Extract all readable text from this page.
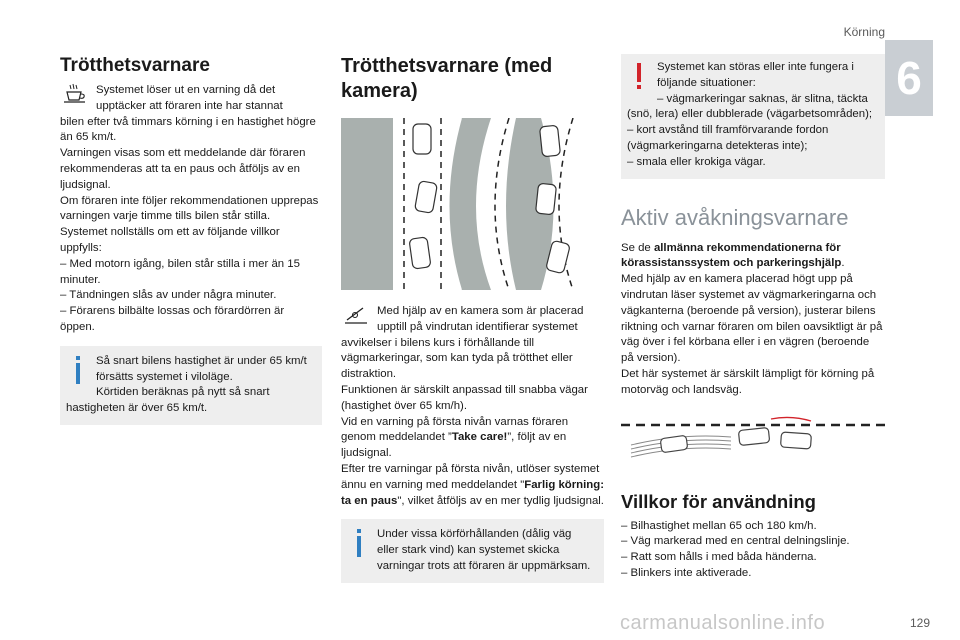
Körning
6
Trötthetsvarnare

Systemet löser ut en varning då det upptäcker att föraren inte har stannat

bilen efter två timmars körning i en hastighet högre än 65 km/t.

Varningen visas som ett meddelande där föraren rekommenderas att ta en paus och åtföljs av en ljudsignal.

Om föraren inte följer rekommendationen upprepas varningen varje timme tills bilen står stilla.

Systemet nollställs om ett av följande villkor uppfylls:

– Med motorn igång, bilen står stilla i mer än 15 minuter.

– Tändningen slås av under några minuter.

– Förarens bilbälte lossas och förardörren är öppen.

Så snart bilens hastighet är under 65 km/t försätts systemet i viloläge.

Körtiden beräknas på nytt så snart hastigheten är över 65 km/t.

Trötthetsvarnare (med kamera)

Med hjälp av en kamera som är placerad upptill på vindrutan identifierar systemet

avvikelser i bilens kurs i förhållande till vägmarkeringar, som kan tyda på trötthet eller distraktion.

Funktionen är särskilt anpassad till snabba vägar (hastighet över 65 km/h).

Vid en varning på första nivån varnas föraren genom meddelandet ”Take care!”, följt av en ljudsignal.

Efter tre varningar på första nivån, utlöser systemet ännu en varning med meddelandet "Farlig körning: ta en paus", vilket åtföljs av en mer tydlig ljudsignal.

Under vissa körförhållanden (dålig väg eller stark vind) kan systemet skicka

varningar trots att föraren är uppmärksam.

Systemet kan störas eller inte fungera i följande situationer:

– vägmarkeringar saknas, är slitna, täckta (snö, lera) eller dubblerade (vägarbetsområden);

– kort avstånd till framförvarande fordon (vägmarkeringarna detekteras inte);

– smala eller krokiga vägar.

Aktiv avåkningsvarnare

Se de allmänna rekommendationerna för körassistanssystem och parkeringshjälp.

Med hjälp av en kamera placerad högt upp på vindrutan läser systemet av vägmarkeringarna och vägkanterna (beroende på version), justerar bilens riktning och varnar föraren om bilen oavsiktligt är på väg över i fel körbana eller i en vägren (beroende på version).

Det här systemet är särskilt lämpligt för körning på motorväg och landsväg.

Villkor för användning

– Bilhastighet mellan 65 och 180 km/h.

– Väg markerad med en central delningslinje.

– Ratt som hålls i med båda händerna.

– Blinkers inte aktiverade.

129
carmanualsonline.info
